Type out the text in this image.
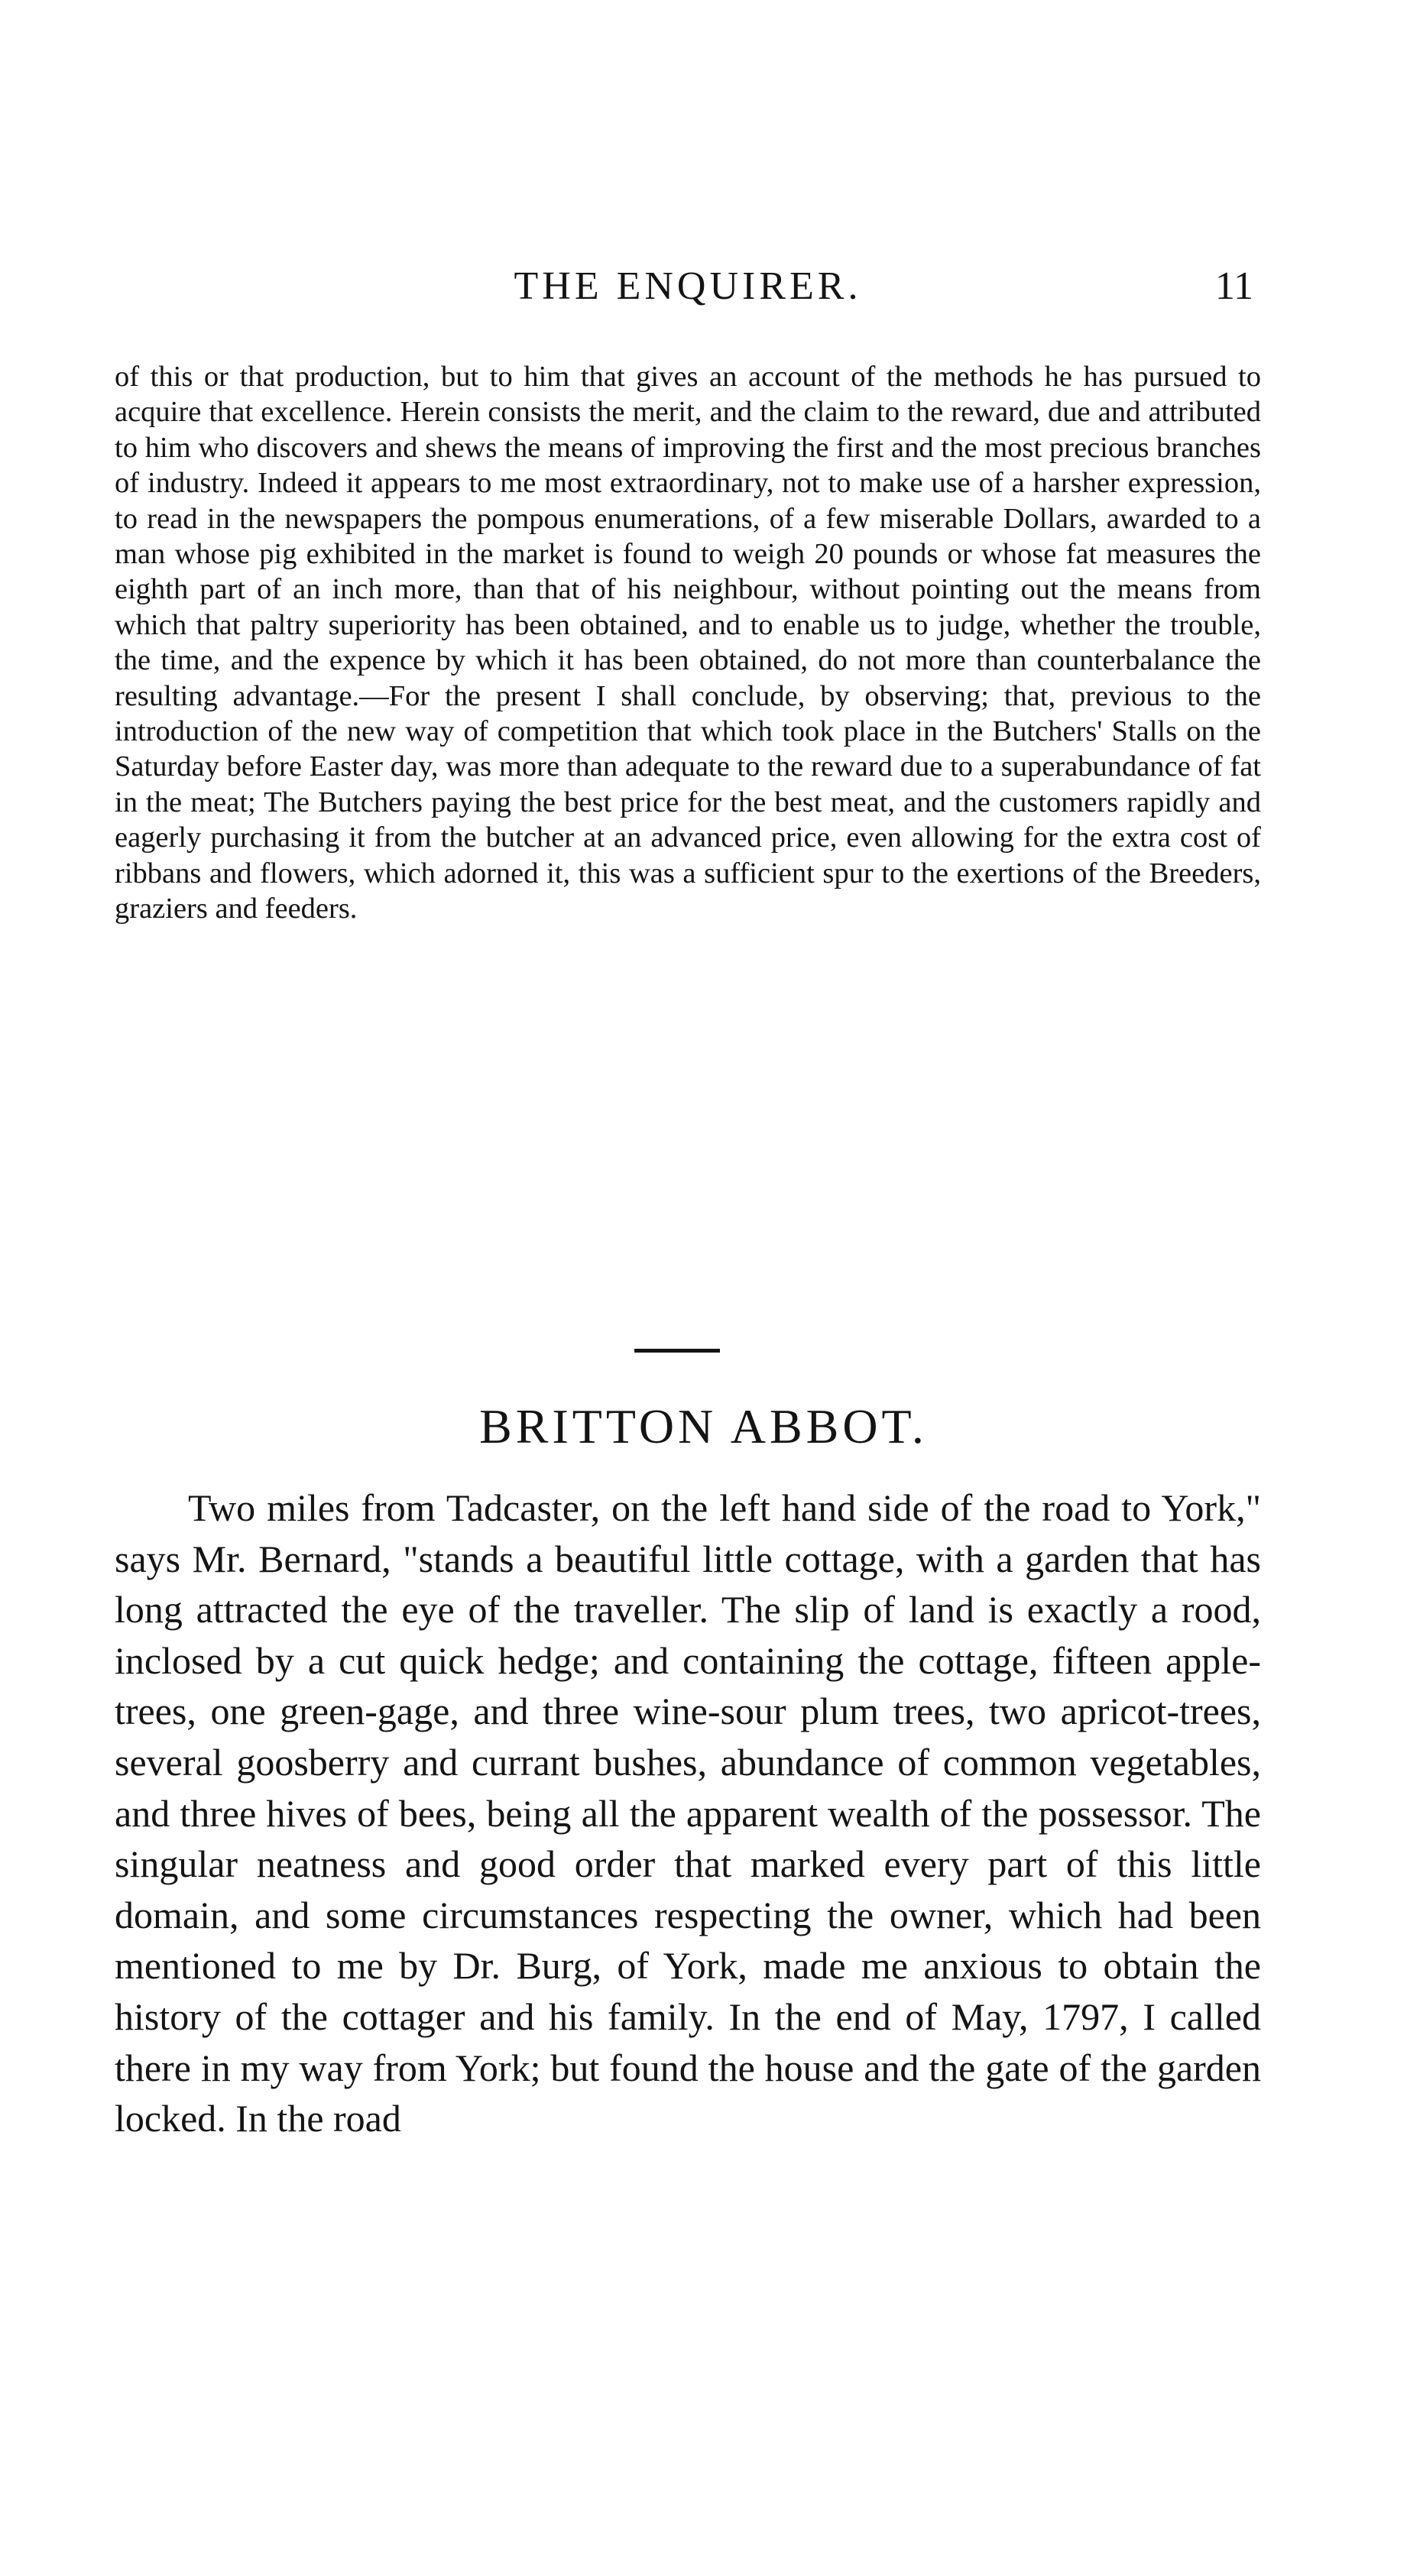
THE ENQUIRER.	11

of this or that production, but to him that gives an account of the methods he has pursued to acquire that excellence. Herein consists the merit, and the claim to the reward, due and attributed to him who discovers and shews the means of improving the first and the most precious branches of industry. Indeed it appears to me most extraordinary, not to make use of a harsher expression, to read in the newspapers the pompous enumerations, of a few miserable Dollars, awarded to a man whose pig exhibited in the market is found to weigh 20 pounds or whose fat measures the eighth part of an inch more, than that of his neighbour, without pointing out the means from which that paltry superiority has been obtained, and to enable us to judge, whether the trouble, the time, and the expence by which it has been obtained, do not more than counterbalance the resulting advantage.—For the present I shall conclude, by observing; that, previous to the introduction of the new way of competition that which took place in the Butchers' Stalls on the Saturday before Easter day, was more than adequate to the reward due to a superabundance of fat in the meat; The Butchers paying the best price for the best meat, and the customers rapidly and eagerly purchasing it from the butcher at an advanced price, even allowing for the extra cost of ribbans and flowers, which adorned it, this was a sufficient spur to the exertions of the Breeders, graziers and feeders.

BRITTON ABBOT.

Two miles from Tadcaster, on the left hand side of the road to York," says Mr. Bernard, "stands a beautiful little cottage, with a garden that has long attracted the eye of the traveller. The slip of land is exactly a rood, inclosed by a cut quick hedge; and containing the cottage, fifteen apple-trees, one green-gage, and three wine-sour plum trees, two apricot-trees, several goosberry and currant bushes, abundance of common vegetables, and three hives of bees, being all the apparent wealth of the possessor. The singular neatness and good order that marked every part of this little domain, and some circumstances respecting the owner, which had been mentioned to me by Dr. Burg, of York, made me anxious to obtain the history of the cottager and his family. In the end of May, 1797, I called there in my way from York; but found the house and the gate of the garden locked. In the road
